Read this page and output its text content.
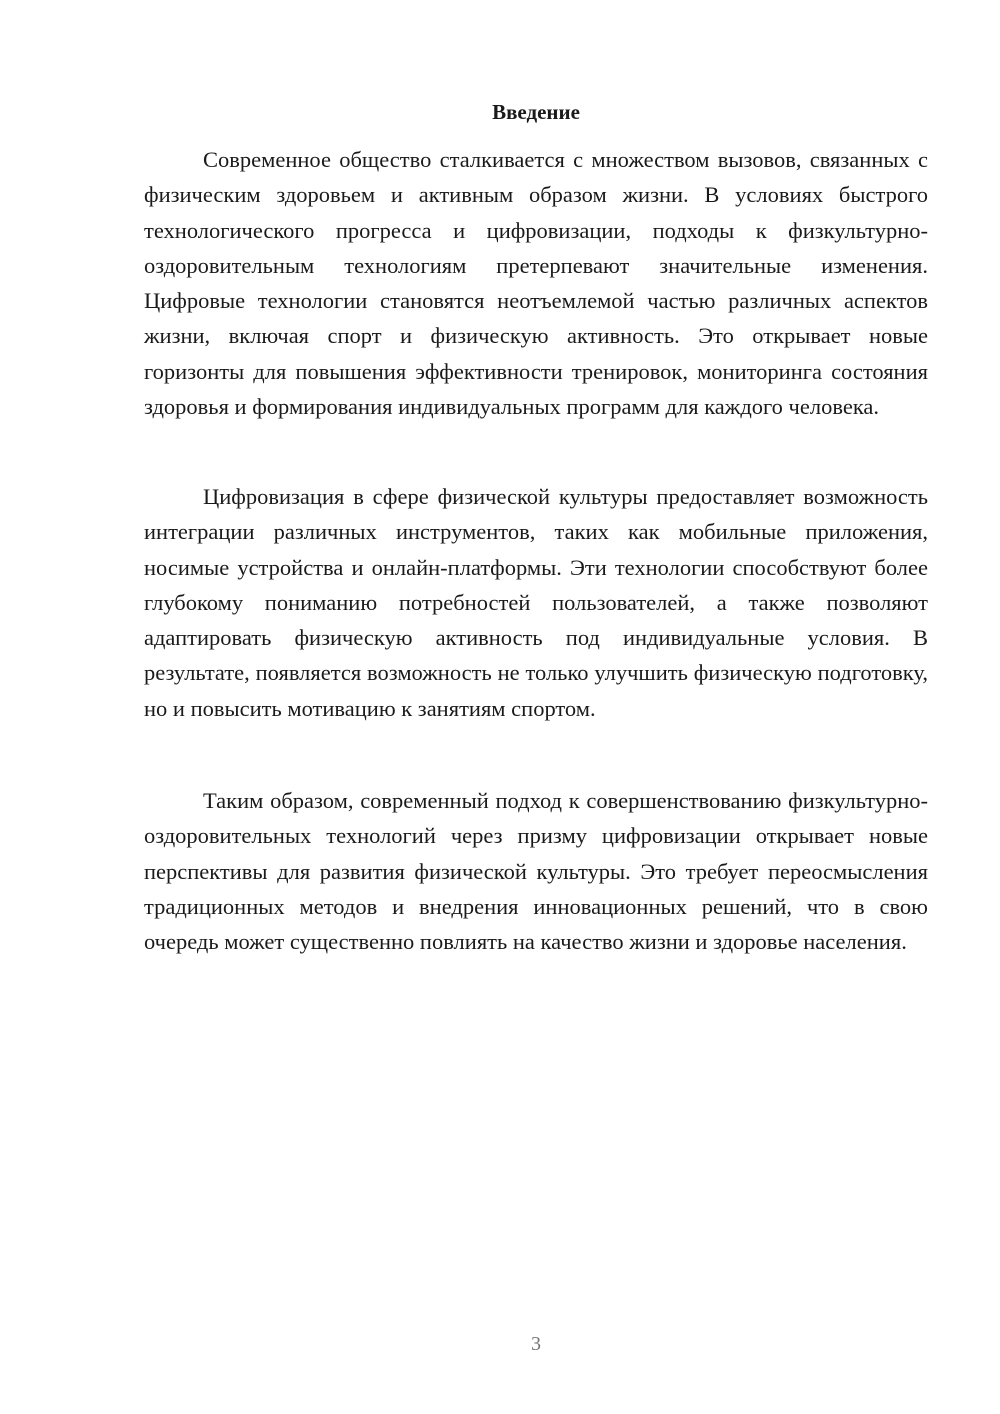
Введение

Современное общество сталкивается с множеством вызовов, связанных с физическим здоровьем и активным образом жизни. В условиях быстрого технологического прогресса и цифровизации, подходы к физкультурно-оздоровительным технологиям претерпевают значительные изменения. Цифровые технологии становятся неотъемлемой частью различных аспектов жизни, включая спорт и физическую активность. Это открывает новые горизонты для повышения эффективности тренировок, мониторинга состояния здоровья и формирования индивидуальных программ для каждого человека.

Цифровизация в сфере физической культуры предоставляет возможность интеграции различных инструментов, таких как мобильные приложения, носимые устройства и онлайн-платформы. Эти технологии способствуют более глубокому пониманию потребностей пользователей, а также позволяют адаптировать физическую активность под индивидуальные условия. В результате, появляется возможность не только улучшить физическую подготовку, но и повысить мотивацию к занятиям спортом.

Таким образом, современный подход к совершенствованию физкультурно-оздоровительных технологий через призму цифровизации открывает новые перспективы для развития физической культуры. Это требует переосмысления традиционных методов и внедрения инновационных решений, что в свою очередь может существенно повлиять на качество жизни и здоровье населения.

3
